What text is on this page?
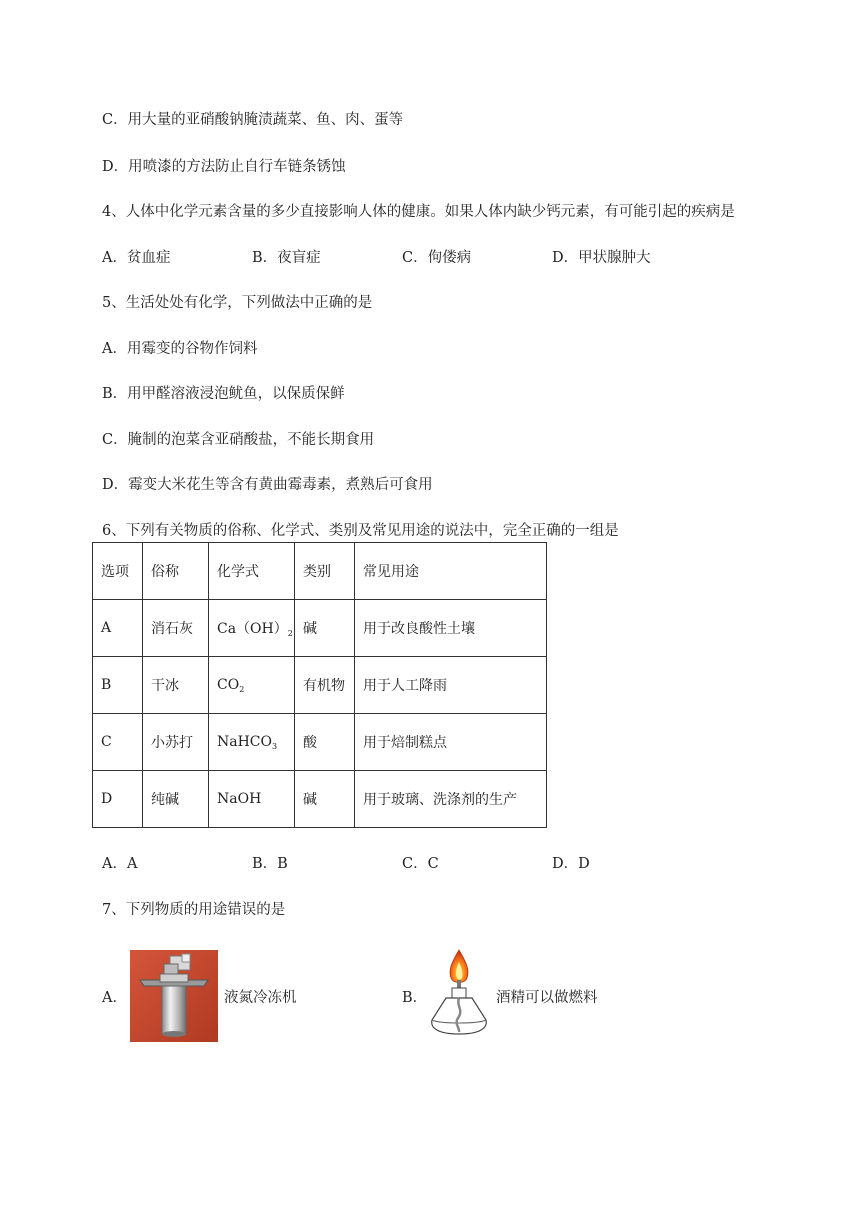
C．用大量的亚硝酸钠腌渍蔬菜、鱼、肉、蛋等
D．用喷漆的方法防止自行车链条锈蚀
4、人体中化学元素含量的多少直接影响人体的健康。如果人体内缺少钙元素，有可能引起的疾病是
A．贫血症	B．夜盲症	C．佝偻病	D．甲状腺肿大
5、生活处处有化学，下列做法中正确的是
A．用霉变的谷物作饲料
B．用甲醛溶液浸泡鱿鱼，以保质保鲜
C．腌制的泡菜含亚硝酸盐，不能长期食用
D．霉变大米花生等含有黄曲霉毒素，煮熟后可食用
6、下列有关物质的俗称、化学式、类别及常见用途的说法中，完全正确的一组是
选项	俗称	化学式	类别	常见用途
A	消石灰	$Ca(OH)_2$	碱	用于改良酸性土壤
B	干冰	$CO_2$	有机物	用于人工降雨
C	小苏打	NaHCO$_3$	酸	用于焙制糕点
D	纯碱	NaOH	碱	用于玻璃、洗涤剂的生产
A．A	B．B	C．C	D．D
7、下列物质的用途错误的是
A．	液氮冷冻机	B．	酒精可以做燃料
